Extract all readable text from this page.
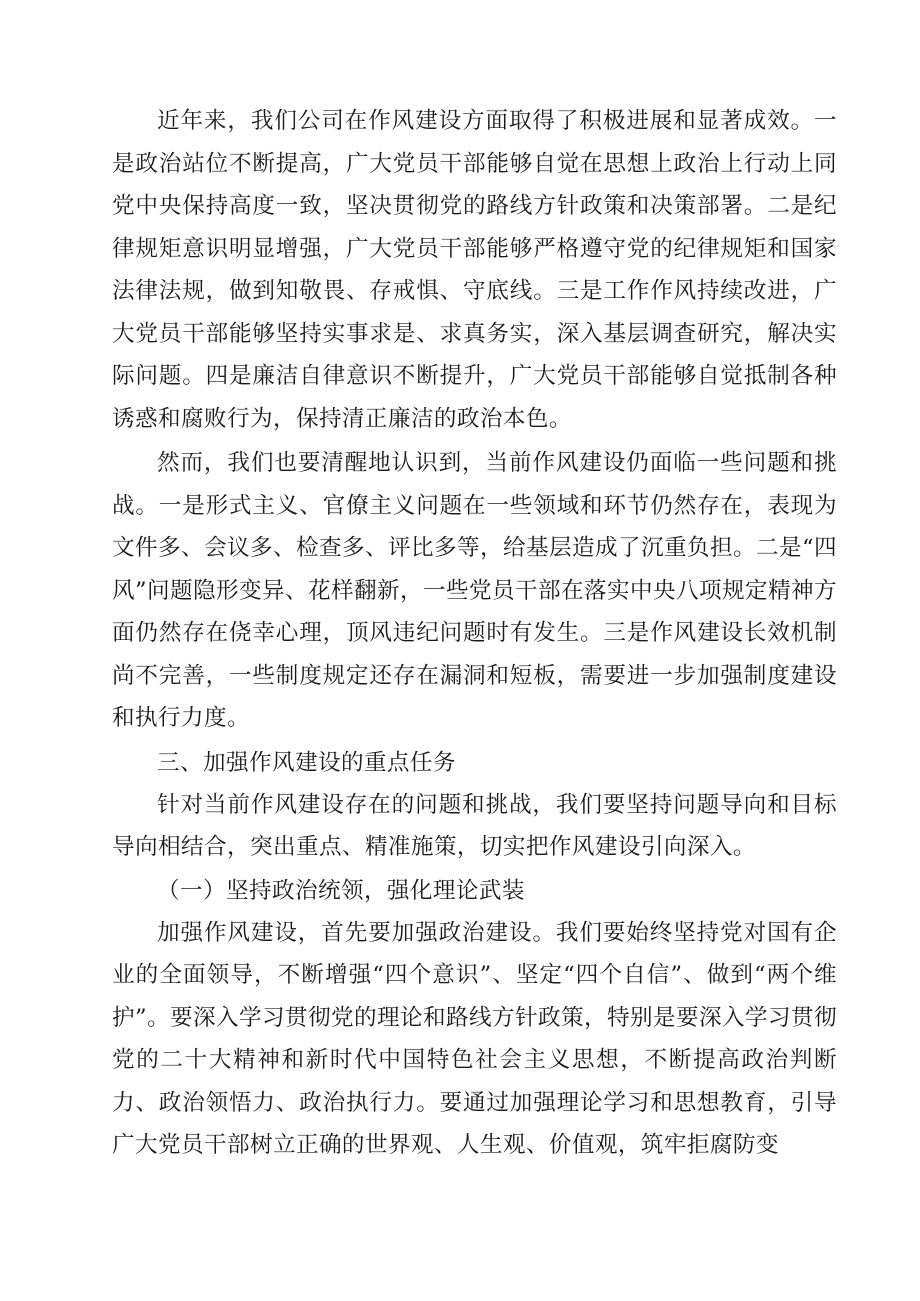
近年来，我们公司在作风建设方面取得了积极进展和显著成效。一是政治站位不断提高，广大党员干部能够自觉在思想上政治上行动上同党中央保持高度一致，坚决贯彻党的路线方针政策和决策部署。二是纪律规矩意识明显增强，广大党员干部能够严格遵守党的纪律规矩和国家法律法规，做到知敬畏、存戒惧、守底线。三是工作作风持续改进，广大党员干部能够坚持实事求是、求真务实，深入基层调查研究，解决实际问题。四是廉洁自律意识不断提升，广大党员干部能够自觉抵制各种诱惑和腐败行为，保持清正廉洁的政治本色。

然而，我们也要清醒地认识到，当前作风建设仍面临一些问题和挑战。一是形式主义、官僚主义问题在一些领域和环节仍然存在，表现为文件多、会议多、检查多、评比多等，给基层造成了沉重负担。二是“四风”问题隐形变异、花样翻新，一些党员干部在落实中央八项规定精神方面仍然存在侥幸心理，顶风违纪问题时有发生。三是作风建设长效机制尚不完善，一些制度规定还存在漏洞和短板，需要进一步加强制度建设和执行力度。

三、加强作风建设的重点任务

针对当前作风建设存在的问题和挑战，我们要坚持问题导向和目标导向相结合，突出重点、精准施策，切实把作风建设引向深入。

（一）坚持政治统领，强化理论武装

加强作风建设，首先要加强政治建设。我们要始终坚持党对国有企业的全面领导，不断增强“四个意识”、坚定“四个自信”、做到“两个维护”。要深入学习贯彻党的理论和路线方针政策，特别是要深入学习贯彻党的二十大精神和新时代中国特色社会主义思想，不断提高政治判断力、政治领悟力、政治执行力。要通过加强理论学习和思想教育，引导广大党员干部树立正确的世界观、人生观、价值观，筑牢拒腐防变
